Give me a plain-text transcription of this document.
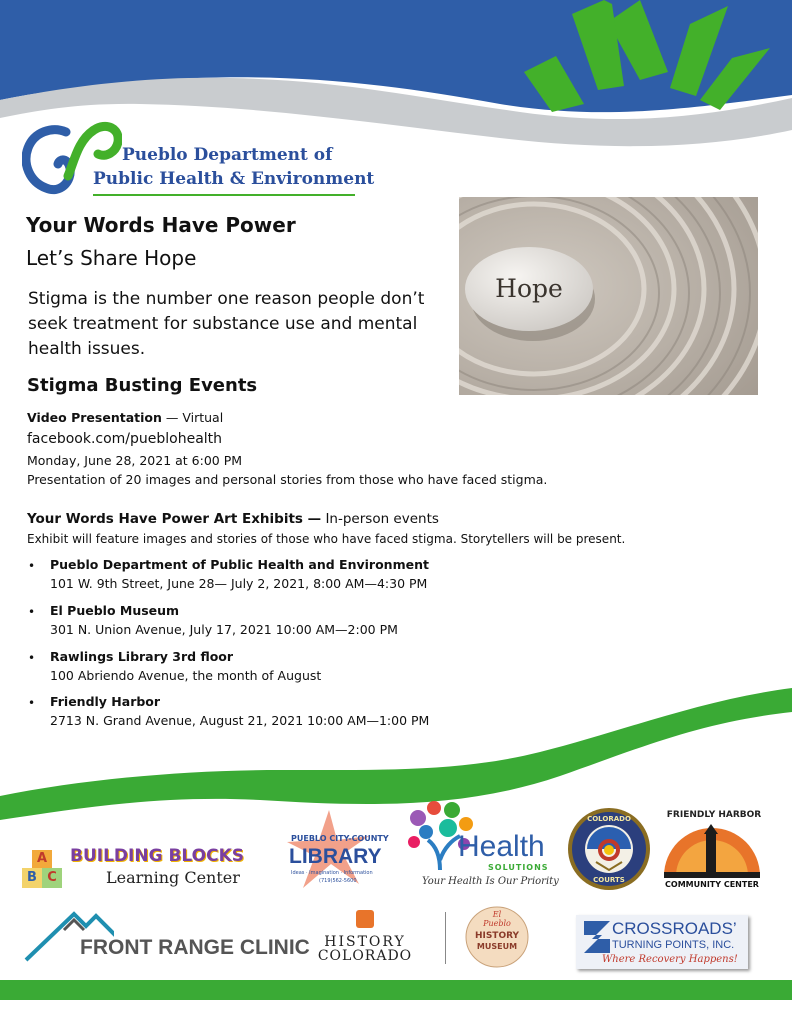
Pueblo Department of
Public Health & Environment
Your Words Have Power
Let’s Share Hope
Stigma is the number one reason people don’t seek treatment for substance use and mental health issues.
Hope
Stigma Busting Events
Video Presentation — Virtual
facebook.com/pueblohealth
Monday, June 28, 2021 at 6:00 PM
Presentation of 20 images and personal stories from those who have faced stigma.
Your Words Have Power Art Exhibits — In-person events
Exhibit will feature images and stories of those who have faced stigma. Storytellers will be present.
• Pueblo Department of Public Health and Environment
101 W. 9th Street, June 28— July 2, 2021, 8:00 AM—4:30 PM
• El Pueblo Museum
301 N. Union Avenue, July 17, 2021 10:00 AM—2:00 PM
• Rawlings Library 3rd floor
100 Abriendo Avenue, the month of August
• Friendly Harbor
2713 N. Grand Avenue, August 21, 2021 10:00 AM—1:00 PM
A
B C
BUILDING BLOCKS
Learning Center
PUEBLO CITY-COUNTY
LIBRARY
Ideas · Imagination · Information
(719)562-5600
Health
SOLUTIONS
Your Health Is Our Priority
COLORADO
COURTS
FRIENDLY HARBOR
COMMUNITY CENTER
FRONT RANGE CLINIC	HISTORY
COLORADO
El
Pueblo
HISTORY
MUSEUM
CROSSROADS’
TURNING POINTS, INC.
Where Recovery Happens!
